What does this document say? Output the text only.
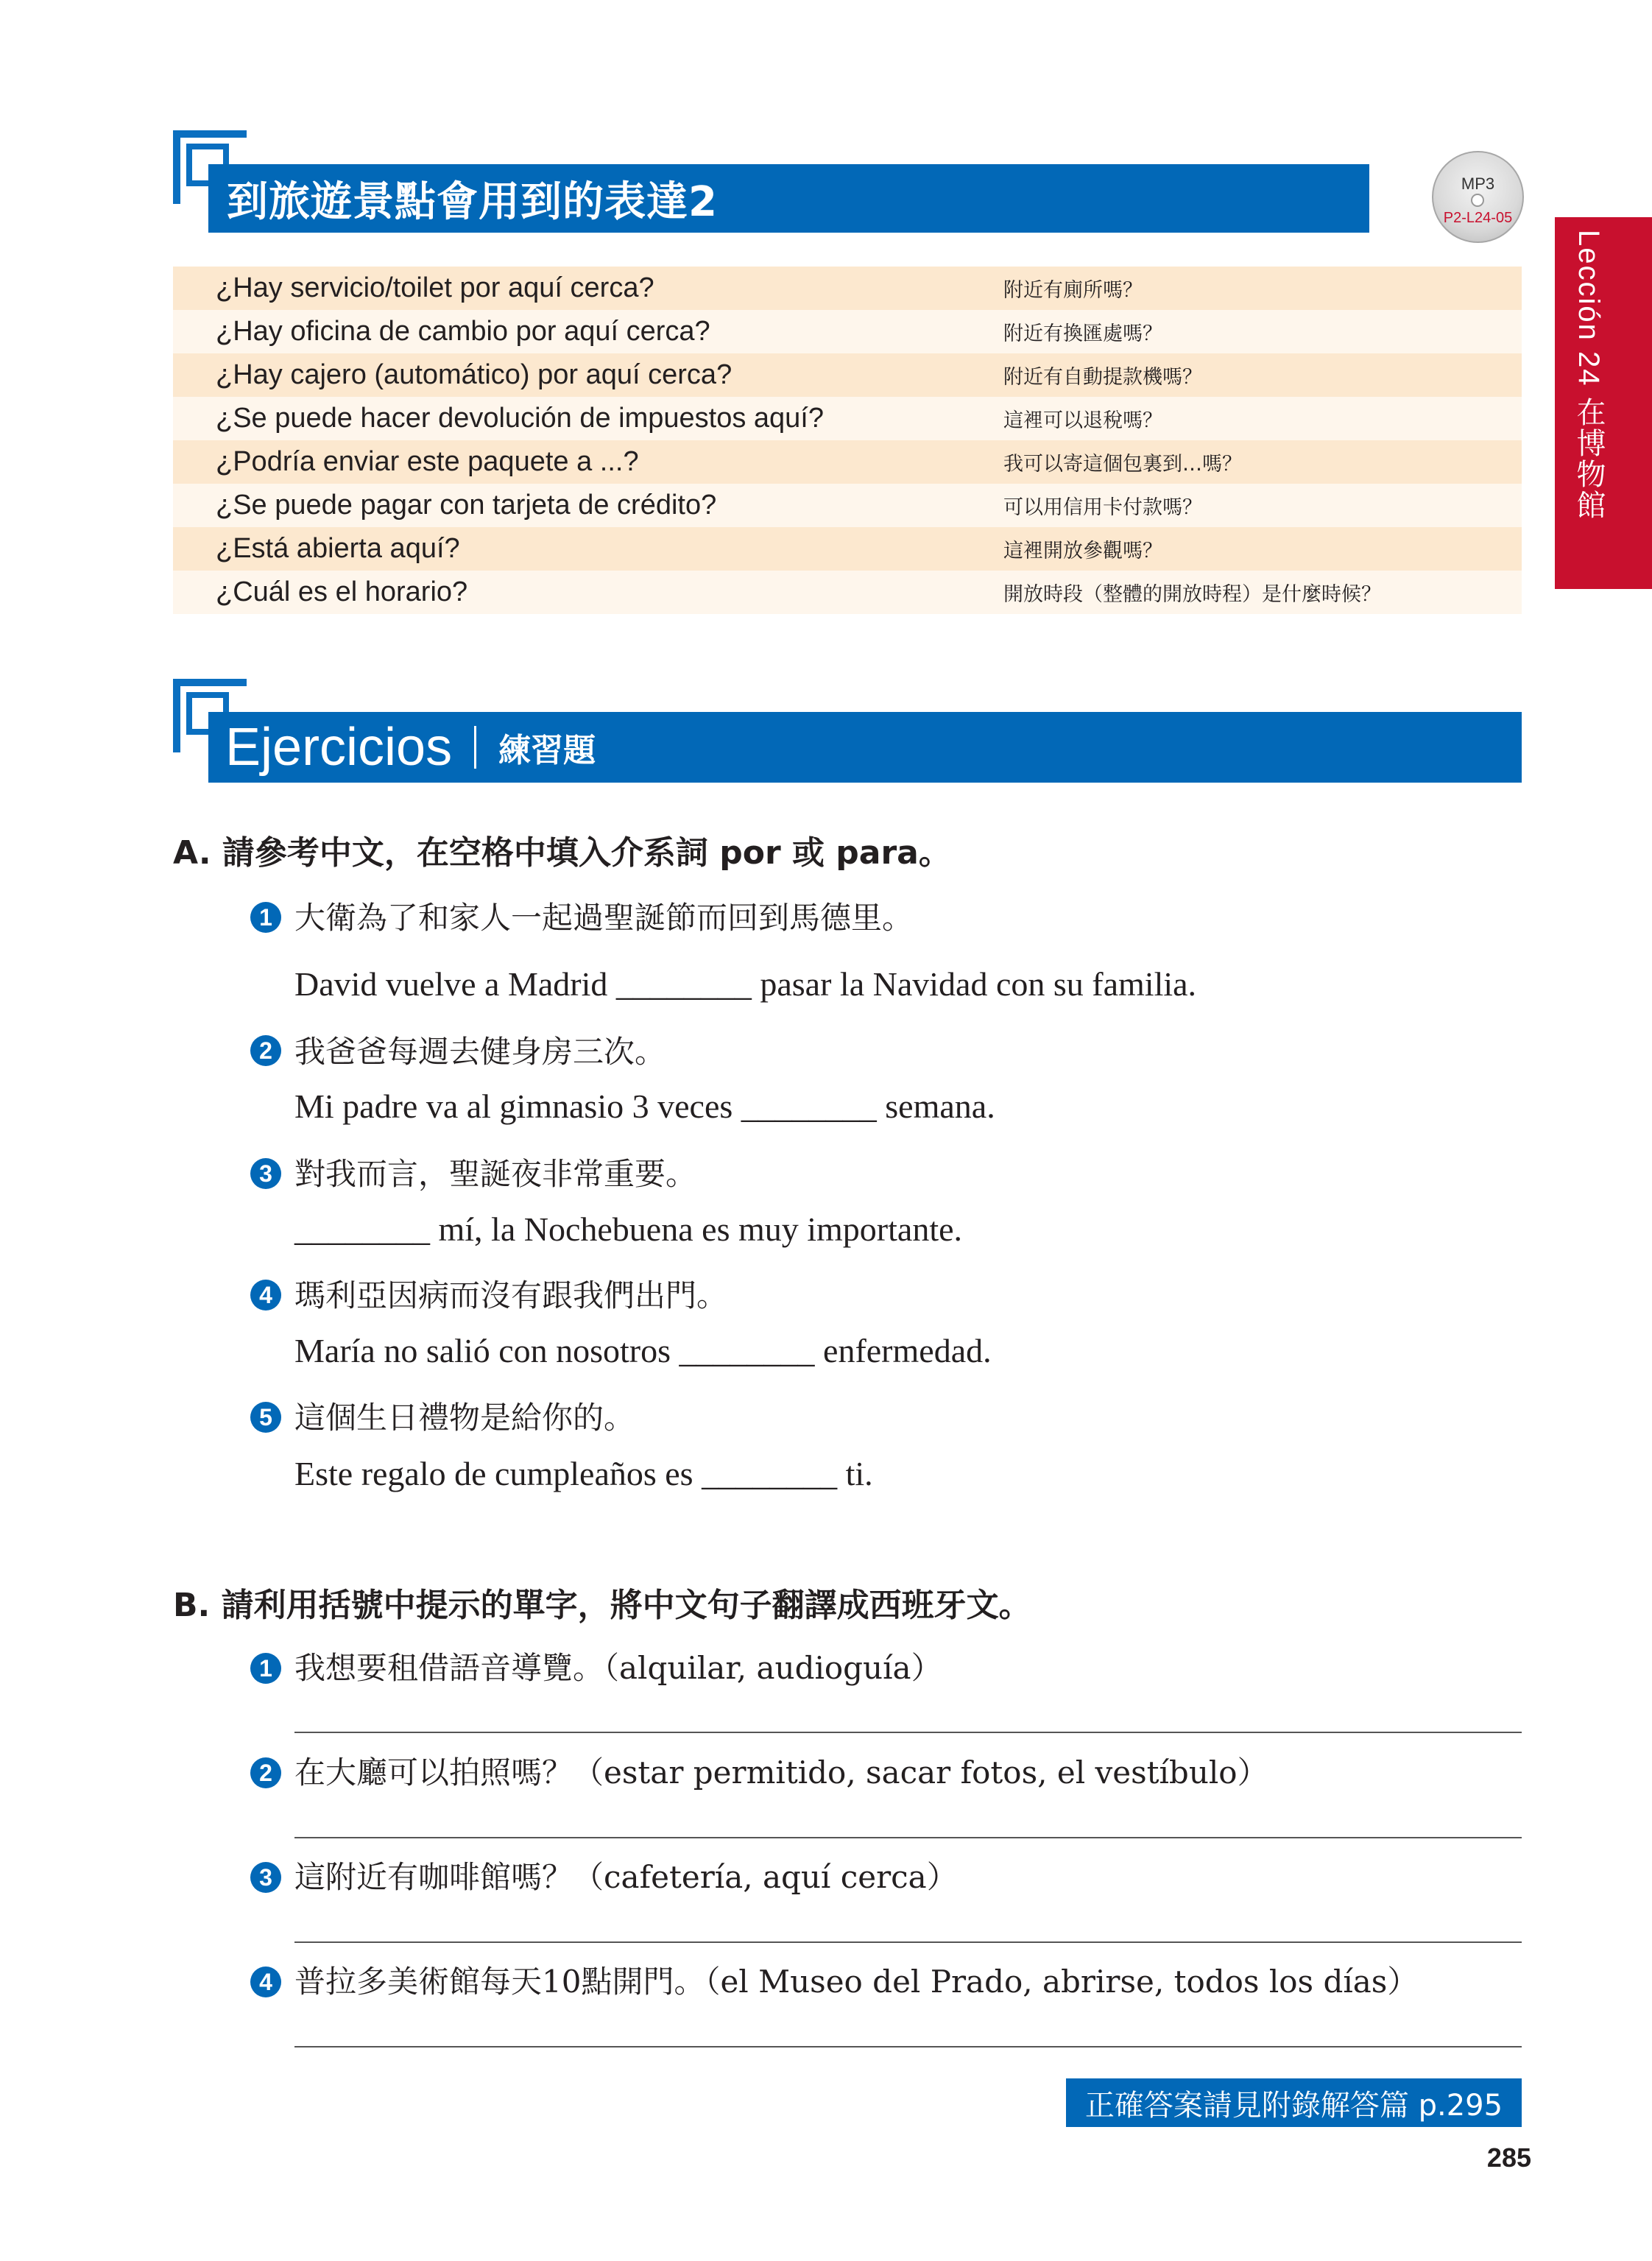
到旅遊景點會用到的表達2	MP3
P2-L24-05
Lección 24 在博物館
¿Hay servicio/toilet por aquí cerca?	附近有廁所嗎？
¿Hay oficina de cambio por aquí cerca?	附近有換匯處嗎？
¿Hay cajero (automático) por aquí cerca?	附近有自動提款機嗎？
¿Se puede hacer devolución de impuestos aquí?	這裡可以退稅嗎？
¿Podría enviar este paquete a ...?	我可以寄這個包裏到…嗎？
¿Se puede pagar con tarjeta de crédito?	可以用信用卡付款嗎？
¿Está abierta aquí?	這裡開放參觀嗎？
¿Cuál es el horario?	開放時段（整體的開放時程）是什麼時候？
Ejercicios 練習題
A. 請參考中文，在空格中填入介系詞 por 或 para。
1 大衛為了和家人一起過聖誕節而回到馬德里。
David vuelve a Madrid ________ pasar la Navidad con su familia.
2 我爸爸每週去健身房三次。
Mi padre va al gimnasio 3 veces ________ semana.
3 對我而言，聖誕夜非常重要。
________ mí, la Nochebuena es muy importante.
4 瑪利亞因病而沒有跟我們出門。
María no salió con nosotros ________ enfermedad.
5 這個生日禮物是給你的。
Este regalo de cumpleaños es ________ ti.
B. 請利用括號中提示的單字，將中文句子翻譯成西班牙文。
1 我想要租借語音導覽。（alquilar, audioguía）
2 在大廳可以拍照嗎？（estar permitido, sacar fotos, el vestíbulo）
3 這附近有咖啡館嗎？（cafetería, aquí cerca）
4 普拉多美術館每天10點開門。（el Museo del Prado, abrirse, todos los días）
正確答案請見附錄解答篇 p.295
285
